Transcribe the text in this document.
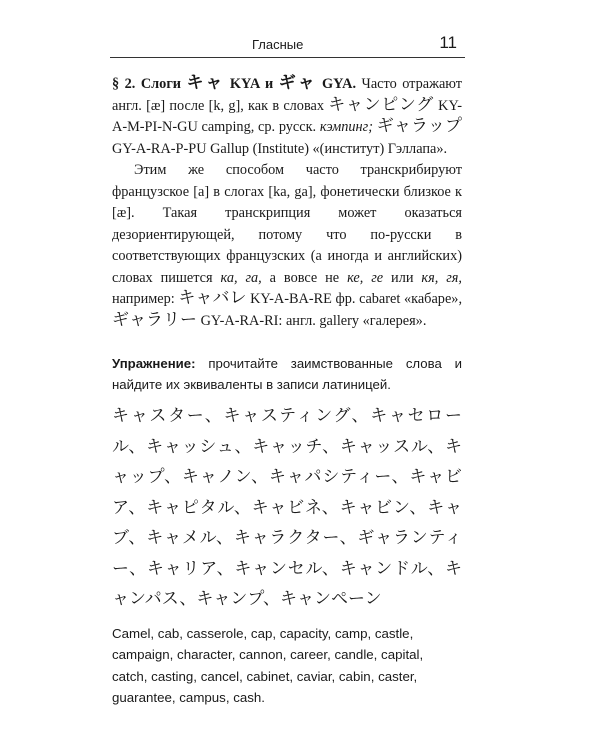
Гласные	11

§ 2. Слоги キャ KYA и ギャ GYA. Часто отражают англ. [æ] после [k, g], как в словах キャンピング KY-A-M-PI-N-GU camping, ср. русск. кэмпинг; ギャラップ GY-A-RA-P-PU Gallup (Institute) «(институт) Гэллапа».

Этим же способом часто транскрибируют французское [a] в слогах [ka, ga], фонетически близкое к [æ]. Такая транскрипция может оказаться дезориентирующей, потому что по-русски в соответствующих французских (а иногда и английских) словах пишется ка, га, а вовсе не ке, ге или кя, гя, например: キャバレ KY-A-BA-RE фр. cabaret «кабаре», ギャラリー GY-A-RA-RI: англ. gallery «галерея».

Упражнение: прочитайте заимствованные слова и найдите их эквиваленты в записи латиницей.

キャスター、キャスティング、キャセロール、キャッシュ、キャッチ、キャッスル、キャップ、キャノン、キャパシティー、キャビア、キャピタル、キャビネ、キャビン、キャブ、キャメル、キャラクター、ギャランティー、キャリア、キャンセル、キャンドル、キャンパス、キャンプ、キャンペーン

Camel, cab, casserole, cap, capacity, camp, castle, campaign, character, cannon, career, candle, capital, catch, casting, cancel, cabinet, caviar, cabin, caster, guarantee, campus, cash.
